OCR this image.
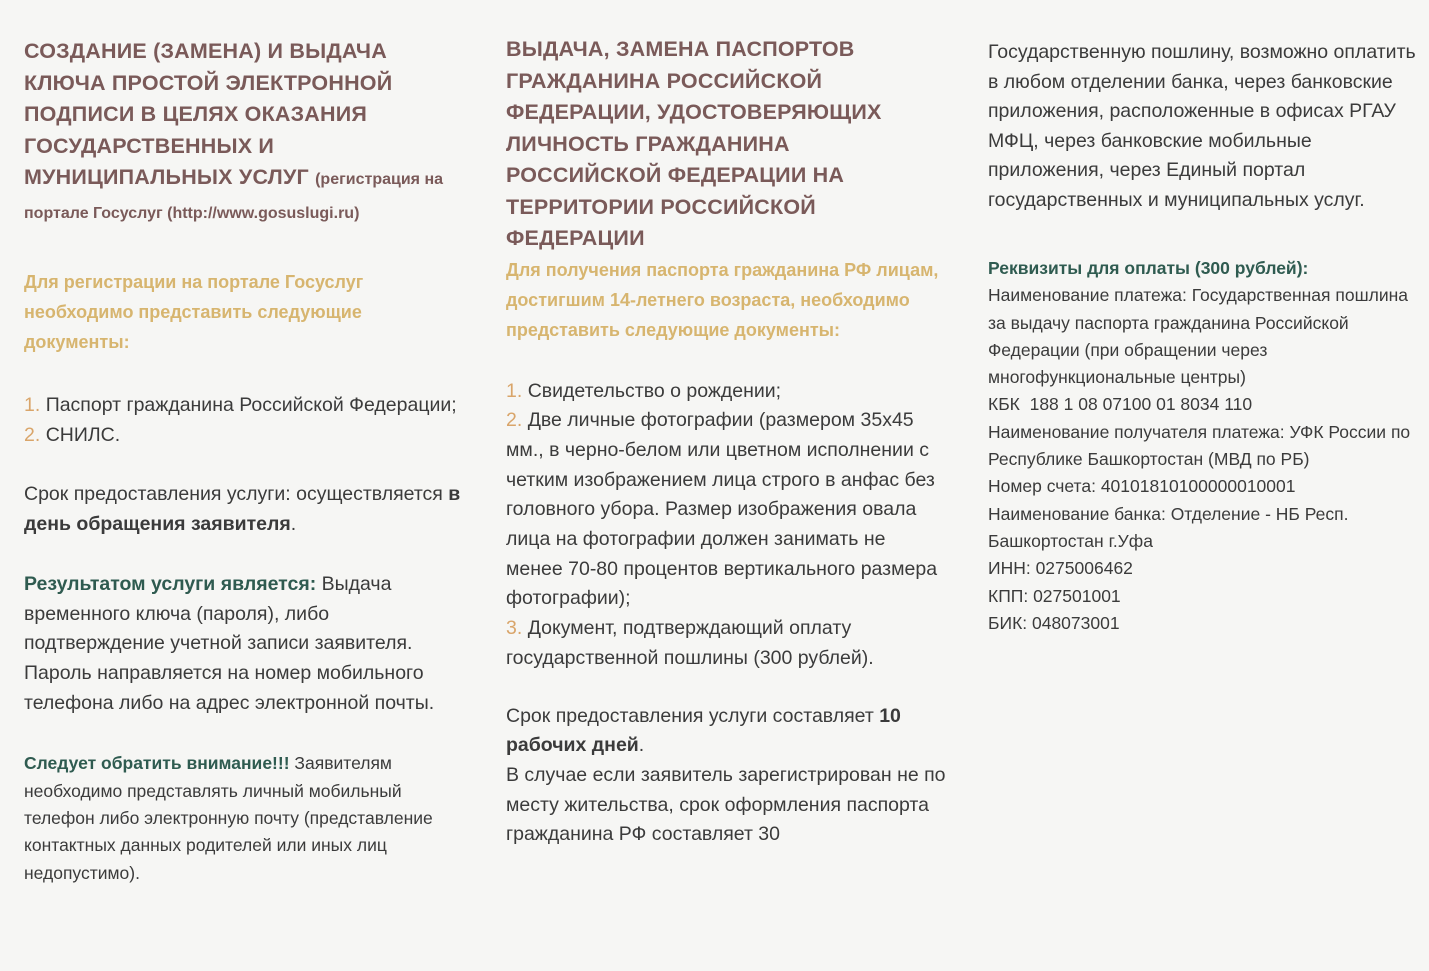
СОЗДАНИЕ (ЗАМЕНА) И ВЫДАЧА КЛЮЧА ПРОСТОЙ ЭЛЕКТРОННОЙ ПОДПИСИ В ЦЕЛЯХ ОКАЗАНИЯ ГОСУДАРСТВЕННЫХ И МУНИЦИПАЛЬНЫХ УСЛУГ (регистрация на портале Госуслуг (http://www.gosuslugi.ru)

Для регистрации на портале Госуслуг необходимо представить следующие документы:

1. Паспорт гражданина Российской Федерации;
2. СНИЛС.

Срок предоставления услуги: осуществляется в день обращения заявителя.

Результатом услуги является: Выдача временного ключа (пароля), либо подтверждение учетной записи заявителя. Пароль направляется на номер мобильного телефона либо на адрес электронной почты.

Следует обратить внимание!!! Заявителям необходимо представлять личный мобильный телефон либо электронную почту (представление контактных данных родителей или иных лиц недопустимо).

ВЫДАЧА, ЗАМЕНА ПАСПОРТОВ ГРАЖДАНИНА РОССИЙСКОЙ ФЕДЕРАЦИИ, УДОСТОВЕРЯЮЩИХ ЛИЧНОСТЬ ГРАЖДАНИНА РОССИЙСКОЙ ФЕДЕРАЦИИ НА ТЕРРИТОРИИ РОССИЙСКОЙ ФЕДЕРАЦИИ

Для получения паспорта гражданина РФ лицам, достигшим 14-летнего возраста, необходимо представить следующие документы:

1. Свидетельство о рождении;
2. Две личные фотографии (размером 35х45 мм., в черно-белом или цветном исполнении с четким изображением лица строго в анфас без головного убора. Размер изображения овала лица на фотографии должен занимать не менее 70-80 процентов вертикального размера фотографии);
3. Документ, подтверждающий оплату государственной пошлины (300 рублей).

Срок предоставления услуги составляет 10 рабочих дней.

В случае если заявитель зарегистрирован не по месту жительства, срок оформления паспорта гражданина РФ составляет 30

Государственную пошлину, возможно оплатить в любом отделении банка, через банковские приложения, расположенные в офисах РГАУ МФЦ, через банковские мобильные приложения, через Единый портал государственных и муниципальных услуг.

Реквизиты для оплаты (300 рублей):
Наименование платежа: Государственная пошлина за выдачу паспорта гражданина Российской Федерации (при обращении через многофункциональные центры)
КБК  188 1 08 07100 01 8034 110
Наименование получателя платежа: УФК России по Республике Башкортостан (МВД по РБ)
Номер счета: 40101810100000010001
Наименование банка: Отделение - НБ Респ. Башкортостан г.Уфа
ИНН: 0275006462
КПП: 027501001
БИК: 048073001
